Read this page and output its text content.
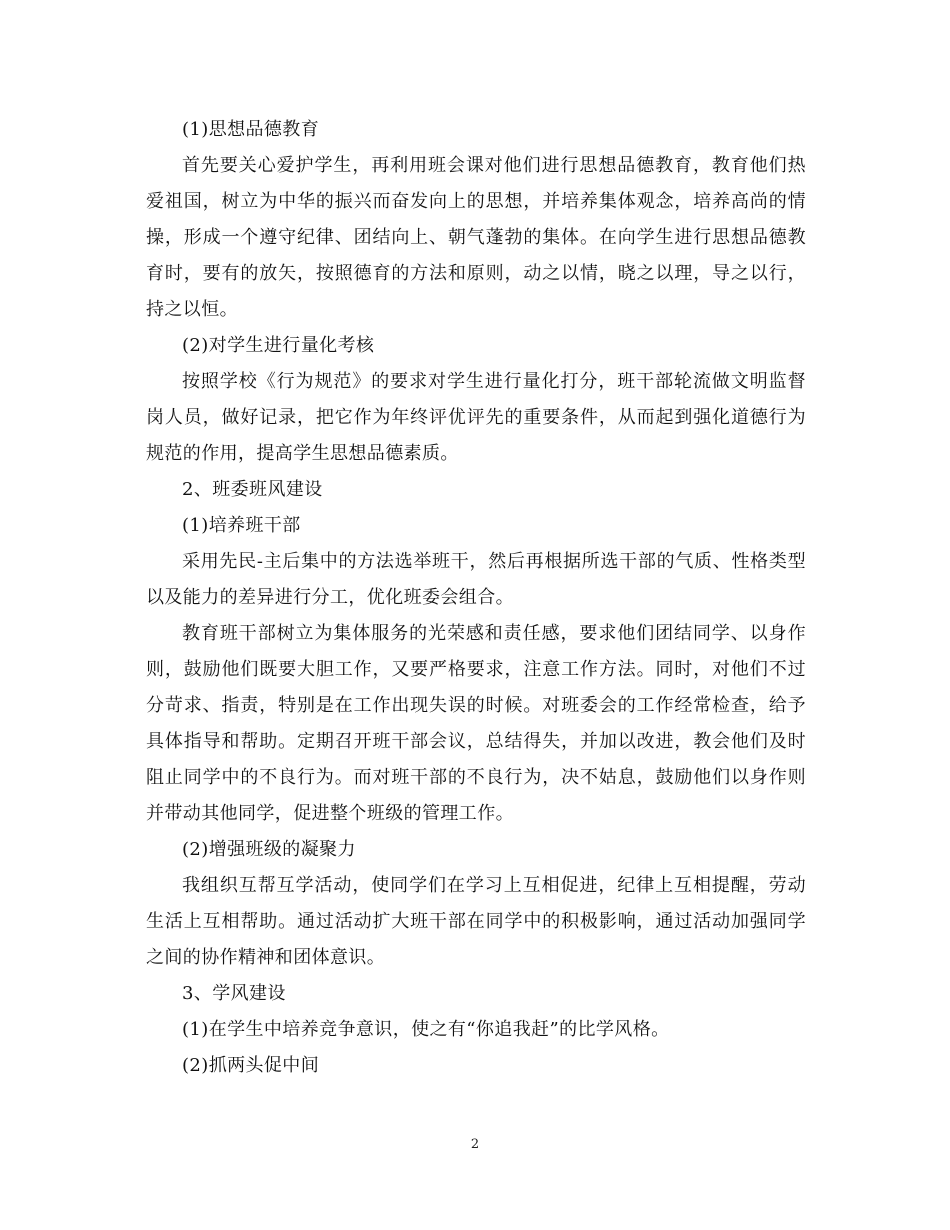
(1)思想品德教育

首先要关心爱护学生，再利用班会课对他们进行思想品德教育，教育他们热爱祖国，树立为中华的振兴而奋发向上的思想，并培养集体观念，培养高尚的情操，形成一个遵守纪律、团结向上、朝气蓬勃的集体。在向学生进行思想品德教育时，要有的放矢，按照德育的方法和原则，动之以情，晓之以理，导之以行，持之以恒。

(2)对学生进行量化考核

按照学校《行为规范》的要求对学生进行量化打分，班干部轮流做文明监督岗人员，做好记录，把它作为年终评优评先的重要条件，从而起到强化道德行为规范的作用，提高学生思想品德素质。

2、班委班风建设

(1)培养班干部

采用先民-主后集中的方法选举班干，然后再根据所选干部的气质、性格类型以及能力的差异进行分工，优化班委会组合。

教育班干部树立为集体服务的光荣感和责任感，要求他们团结同学、以身作则，鼓励他们既要大胆工作，又要严格要求，注意工作方法。同时，对他们不过分苛求、指责，特别是在工作出现失误的时候。对班委会的工作经常检查，给予具体指导和帮助。定期召开班干部会议，总结得失，并加以改进，教会他们及时阻止同学中的不良行为。而对班干部的不良行为，决不姑息，鼓励他们以身作则并带动其他同学，促进整个班级的管理工作。

(2)增强班级的凝聚力

我组织互帮互学活动，使同学们在学习上互相促进，纪律上互相提醒，劳动生活上互相帮助。通过活动扩大班干部在同学中的积极影响，通过活动加强同学之间的协作精神和团体意识。

3、学风建设

(1)在学生中培养竞争意识，使之有“你追我赶”的比学风格。

(2)抓两头促中间

2
